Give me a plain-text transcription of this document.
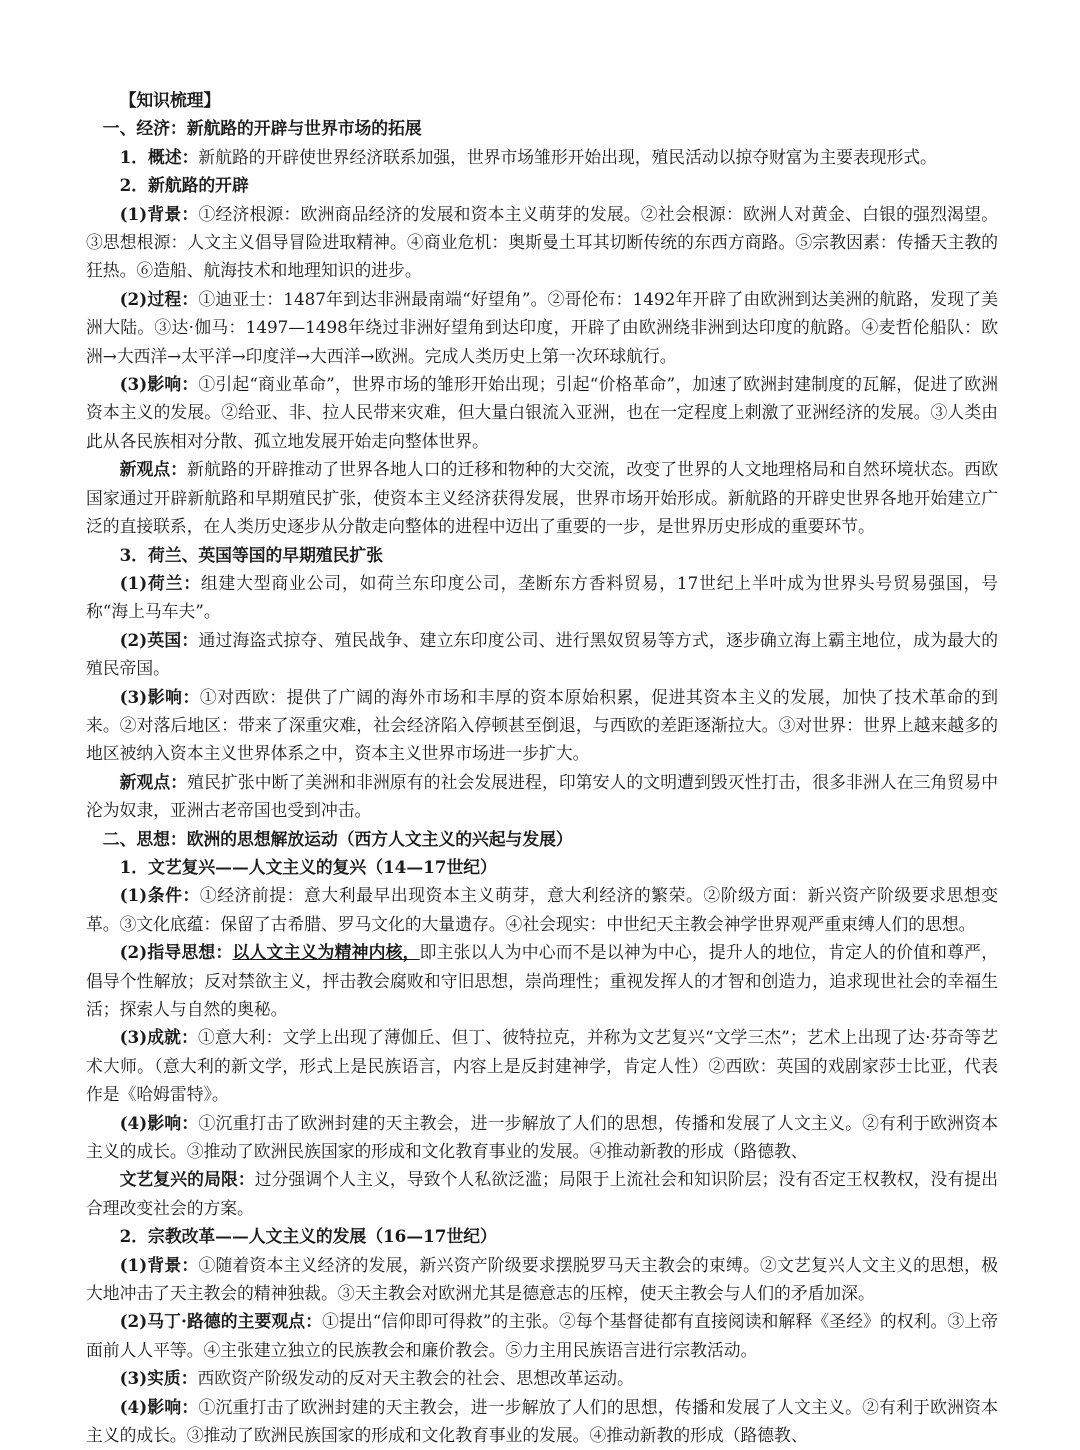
【知识梳理】

一、经济：新航路的开辟与世界市场的拓展

1．概述：新航路的开辟使世界经济联系加强，世界市场雏形开始出现，殖民活动以掠夺财富为主要表现形式。

2．新航路的开辟

(1)背景：①经济根源：欧洲商品经济的发展和资本主义萌芽的发展。②社会根源：欧洲人对黄金、白银的强烈渴望。③思想根源：人文主义倡导冒险进取精神。④商业危机：奥斯曼土耳其切断传统的东西方商路。⑤宗教因素：传播天主教的狂热。⑥造船、航海技术和地理知识的进步。

(2)过程：①迪亚士：1487年到达非洲最南端“好望角”。②哥伦布：1492年开辟了由欧洲到达美洲的航路，发现了美洲大陆。③达·伽马：1497—1498年绕过非洲好望角到达印度，开辟了由欧洲绕非洲到达印度的航路。④麦哲伦船队：欧洲→大西洋→太平洋→印度洋→大西洋→欧洲。完成人类历史上第一次环球航行。

(3)影响：①引起“商业革命”，世界市场的雏形开始出现；引起“价格革命”，加速了欧洲封建制度的瓦解，促进了欧洲资本主义的发展。②给亚、非、拉人民带来灾难，但大量白银流入亚洲，也在一定程度上刺激了亚洲经济的发展。③人类由此从各民族相对分散、孤立地发展开始走向整体世界。

新观点：新航路的开辟推动了世界各地人口的迁移和物种的大交流，改变了世界的人文地理格局和自然环境状态。西欧国家通过开辟新航路和早期殖民扩张，使资本主义经济获得发展，世界市场开始形成。新航路的开辟史世界各地开始建立广泛的直接联系，在人类历史逐步从分散走向整体的进程中迈出了重要的一步，是世界历史形成的重要环节。

3．荷兰、英国等国的早期殖民扩张

(1)荷兰：组建大型商业公司，如荷兰东印度公司，垄断东方香料贸易，17世纪上半叶成为世界头号贸易强国，号称“海上马车夫”。

(2)英国：通过海盗式掠夺、殖民战争、建立东印度公司、进行黑奴贸易等方式，逐步确立海上霸主地位，成为最大的殖民帝国。

(3)影响：①对西欧：提供了广阔的海外市场和丰厚的资本原始积累，促进其资本主义的发展，加快了技术革命的到来。②对落后地区：带来了深重灾难，社会经济陷入停顿甚至倒退，与西欧的差距逐渐拉大。③对世界：世界上越来越多的地区被纳入资本主义世界体系之中，资本主义世界市场进一步扩大。

新观点：殖民扩张中断了美洲和非洲原有的社会发展进程，印第安人的文明遭到毁灭性打击，很多非洲人在三角贸易中沦为奴隶，亚洲古老帝国也受到冲击。

二、思想：欧洲的思想解放运动（西方人文主义的兴起与发展）

1．文艺复兴——人文主义的复兴（14—17世纪）

(1)条件：①经济前提：意大利最早出现资本主义萌芽，意大利经济的繁荣。②阶级方面：新兴资产阶级要求思想变革。③文化底蕴：保留了古希腊、罗马文化的大量遗存。④社会现实：中世纪天主教会神学世界观严重束缚人们的思想。

(2)指导思想：以人文主义为精神内核，即主张以人为中心而不是以神为中心，提升人的地位，肯定人的价值和尊严，倡导个性解放；反对禁欲主义，抨击教会腐败和守旧思想，崇尚理性；重视发挥人的才智和创造力，追求现世社会的幸福生活；探索人与自然的奥秘。

(3)成就：①意大利：文学上出现了薄伽丘、但丁、彼特拉克，并称为文艺复兴“文学三杰”；艺术上出现了达·芬奇等艺术大师。（意大利的新文学，形式上是民族语言，内容上是反封建神学，肯定人性）②西欧：英国的戏剧家莎士比亚，代表作是《哈姆雷特》。

(4)影响：①沉重打击了欧洲封建的天主教会，进一步解放了人们的思想，传播和发展了人文主义。②有利于欧洲资本主义的成长。③推动了欧洲民族国家的形成和文化教育事业的发展。④推动新教的形成（路德教、

文艺复兴的局限：过分强调个人主义，导致个人私欲泛滥；局限于上流社会和知识阶层；没有否定王权教权，没有提出合理改变社会的方案。

2．宗教改革——人文主义的发展（16—17世纪）

(1)背景：①随着资本主义经济的发展，新兴资产阶级要求摆脱罗马天主教会的束缚。②文艺复兴人文主义的思想，极大地冲击了天主教会的精神独裁。③天主教会对欧洲尤其是德意志的压榨，使天主教会与人们的矛盾加深。

(2)马丁·路德的主要观点：①提出“信仰即可得救”的主张。②每个基督徒都有直接阅读和解释《圣经》的权利。③上帝面前人人平等。④主张建立独立的民族教会和廉价教会。⑤力主用民族语言进行宗教活动。

(3)实质：西欧资产阶级发动的反对天主教会的社会、思想改革运动。

(4)影响：①沉重打击了欧洲封建的天主教会，进一步解放了人们的思想，传播和发展了人文主义。②有利于欧洲资本主义的成长。③推动了欧洲民族国家的形成和文化教育事业的发展。④推动新教的形成（路德教、
